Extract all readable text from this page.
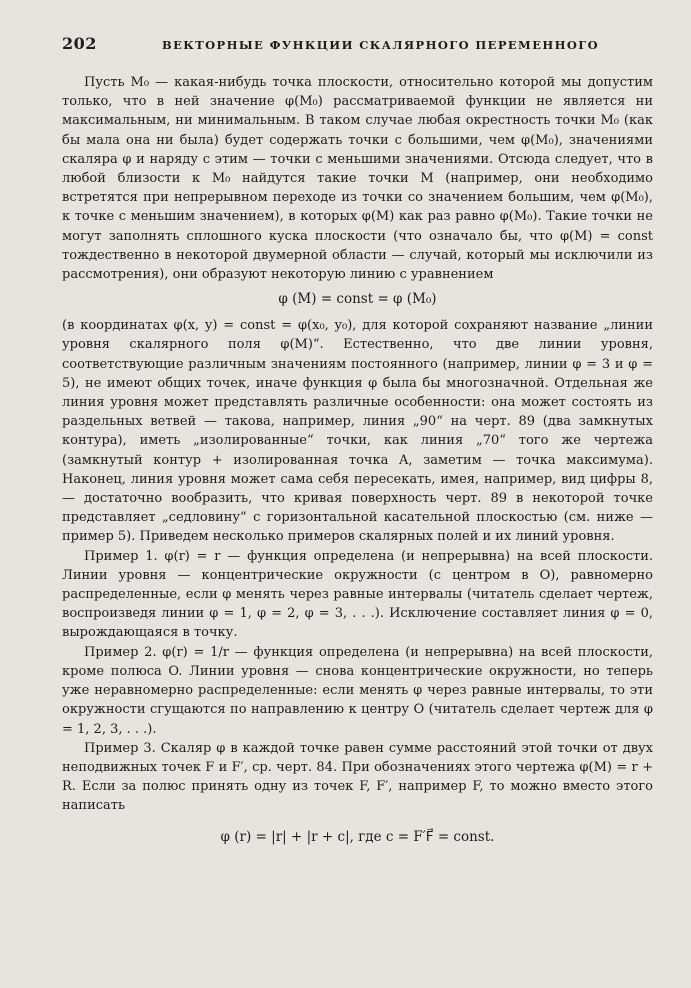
202	ВЕКТОРНЫЕ ФУНКЦИИ СКАЛЯРНОГО ПЕРЕМЕННОГО

Пусть M₀ — какая-нибудь точка плоскости, относительно которой мы допустим только, что в ней значение φ(M₀) рассматриваемой функции не является ни максимальным, ни минимальным. В таком случае любая окрестность точки M₀ (как бы мала она ни была) будет содержать точки с большими, чем φ(M₀), значениями скаляра φ и наряду с этим — точки с меньшими значениями. Отсюда следует, что в любой близости к M₀ найдутся такие точки M (например, они необходимо встретятся при непрерывном переходе из точки со значением большим, чем φ(M₀), к точке с меньшим значением), в которых φ(M) как раз равно φ(M₀). Такие точки не могут заполнять сплошного куска плоскости (что означало бы, что φ(M) = const тождественно в некоторой двумерной области — случай, который мы исключили из рассмотрения), они образуют некоторую линию с уравнением

φ (M) = const = φ (M₀)

(в координатах φ(x, y) = const = φ(x₀, y₀), для которой сохраняют название „линии уровня скалярного поля φ(M)“. Естественно, что две линии уровня, соответствующие различным значениям постоянного (например, линии φ = 3 и φ = 5), не имеют общих точек, иначе функция φ была бы многозначной. Отдельная же линия уровня может представлять различные особенности: она может состоять из раздельных ветвей — такова, например, линия „90“ на черт. 89 (два замкнутых контура), иметь „изолированные“ точки, как линия „70“ того же чертежа (замкнутый контур + изолированная точка A, заметим — точка максимума). Наконец, линия уровня может сама себя пересекать, имея, например, вид цифры 8, — достаточно вообразить, что кривая поверхность черт. 89 в некоторой точке представляет „седловину“ с горизонтальной касательной плоскостью (см. ниже — пример 5). Приведем несколько примеров скалярных полей и их линий уровня.

Пример 1. φ(r) = r — функция определена (и непрерывна) на всей плоскости. Линии уровня — концентрические окружности (с центром в O), равномерно распределенные, если φ менять через равные интервалы (читатель сделает чертеж, воспроизведя линии φ = 1, φ = 2, φ = 3, . . .). Исключение составляет линия φ = 0, вырождающаяся в точку.

Пример 2. φ(r) = 1/r — функция определена (и непрерывна) на всей плоскости, кроме полюса O. Линии уровня — снова концентрические окружности, но теперь уже неравномерно распределенные: если менять φ через равные интервалы, то эти окружности сгущаются по направлению к центру O (читатель сделает чертеж для φ = 1, 2, 3, . . .).

Пример 3. Скаляр φ в каждой точке равен сумме расстояний этой точки от двух неподвижных точек F и F′, ср. черт. 84. При обозначениях этого чертежа φ(M) = r + R. Если за полюс принять одну из точек F, F′, например F, то можно вместо этого написать

φ (r) = |r| + |r + c|, где c = F′F⃗ = const.
